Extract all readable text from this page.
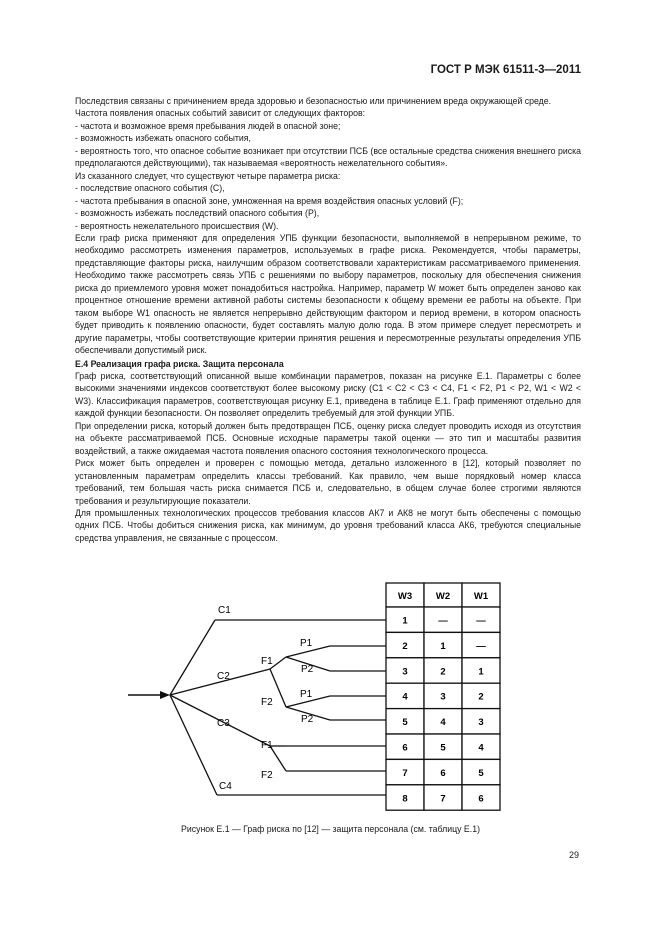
ГОСТ Р МЭК 61511-3—2011

Последствия связаны с причинением вреда здоровью и безопасностью или причинением вреда окружающей среде.

Частота появления опасных событий зависит от следующих факторов:

- частота и возможное время пребывания людей в опасной зоне;

- возможность избежать опасного события,

- вероятность того, что опасное событие возникает при отсутствии ПСБ (все остальные средства снижения внешнего риска предполагаются действующими), так называемая «вероятность нежелательного события».

Из сказанного следует, что существуют четыре параметра риска:

- последствие опасного события (С),

- частота пребывания в опасной зоне, умноженная на время воздействия опасных условий (F);

- возможность избежать последствий опасного события (Р),

- вероятность нежелательного происшествия (W).

Если граф риска применяют для определения УПБ функции безопасности, выполняемой в непрерывном режиме, то необходимо рассмотреть изменения параметров, используемых в графе риска. Рекомендуется, чтобы параметры, представляющие факторы риска, наилучшим образом соответствовали характеристикам рассматриваемого применения. Необходимо также рассмотреть связь УПБ с решениями по выбору параметров, поскольку для обеспечения снижения риска до приемлемого уровня может понадобиться настройка. Например, параметр W может быть определен заново как процентное отношение времени активной работы системы безопасности к общему времени ее работы на объекте. При таком выборе W1 опасность не является непрерывно действующим фактором и период времени, в котором опасность будет приводить к появлению опасности, будет составлять малую долю года. В этом примере следует пересмотреть и другие параметры, чтобы соответствующие критерии принятия решения и пересмотренные результаты определения УПБ обеспечивали допустимый риск.

Е.4 Реализация графа риска. Защита персонала

Граф риска, соответствующий описанной выше комбинации параметров, показан на рисунке Е.1. Параметры с более высокими значениями индексов соответствуют более высокому риску (С1 < С2 < С3 < С4, F1 < F2, Р1 < Р2, W1 < W2 < W3). Классификация параметров, соответствующая рисунку Е.1, приведена в таблице Е.1. Граф применяют отдельно для каждой функции безопасности. Он позволяет определить требуемый для этой функции УПБ.

При определении риска, который должен быть предотвращен ПСБ, оценку риска следует проводить исходя из отсутствия на объекте рассматриваемой ПСБ. Основные исходные параметры такой оценки — это тип и масштабы развития воздействий, а также ожидаемая частота появления опасного состояния технологического процесса.

Риск может быть определен и проверен с помощью метода, детально изложенного в [12], который позволяет по установленным параметрам определить классы требований. Как правило, чем выше порядковый номер класса требований, тем большая часть риска снимается ПСБ и, следовательно, в общем случае более строгими являются требования и результирующие показатели.

Для промышленных технологических процессов требования классов АК7 и АК8 не могут быть обеспечены с помощью одних ПСБ. Чтобы добиться снижения риска, как минимум, до уровня требований класса АК6, требуются специальные средства управления, не связанные с процессом.

C1
C2
C3
C4
F1
F2
F1
F2
P1
P2
P1
P2
W3	W2	W1
1	—	—
2	1	—
3	2	1
4	3	2
5	4	3
6	5	4
7	6	5
8	7	6
Рисунок Е.1 — Граф риска по [12] — защита персонала (см. таблицу Е.1)
29
